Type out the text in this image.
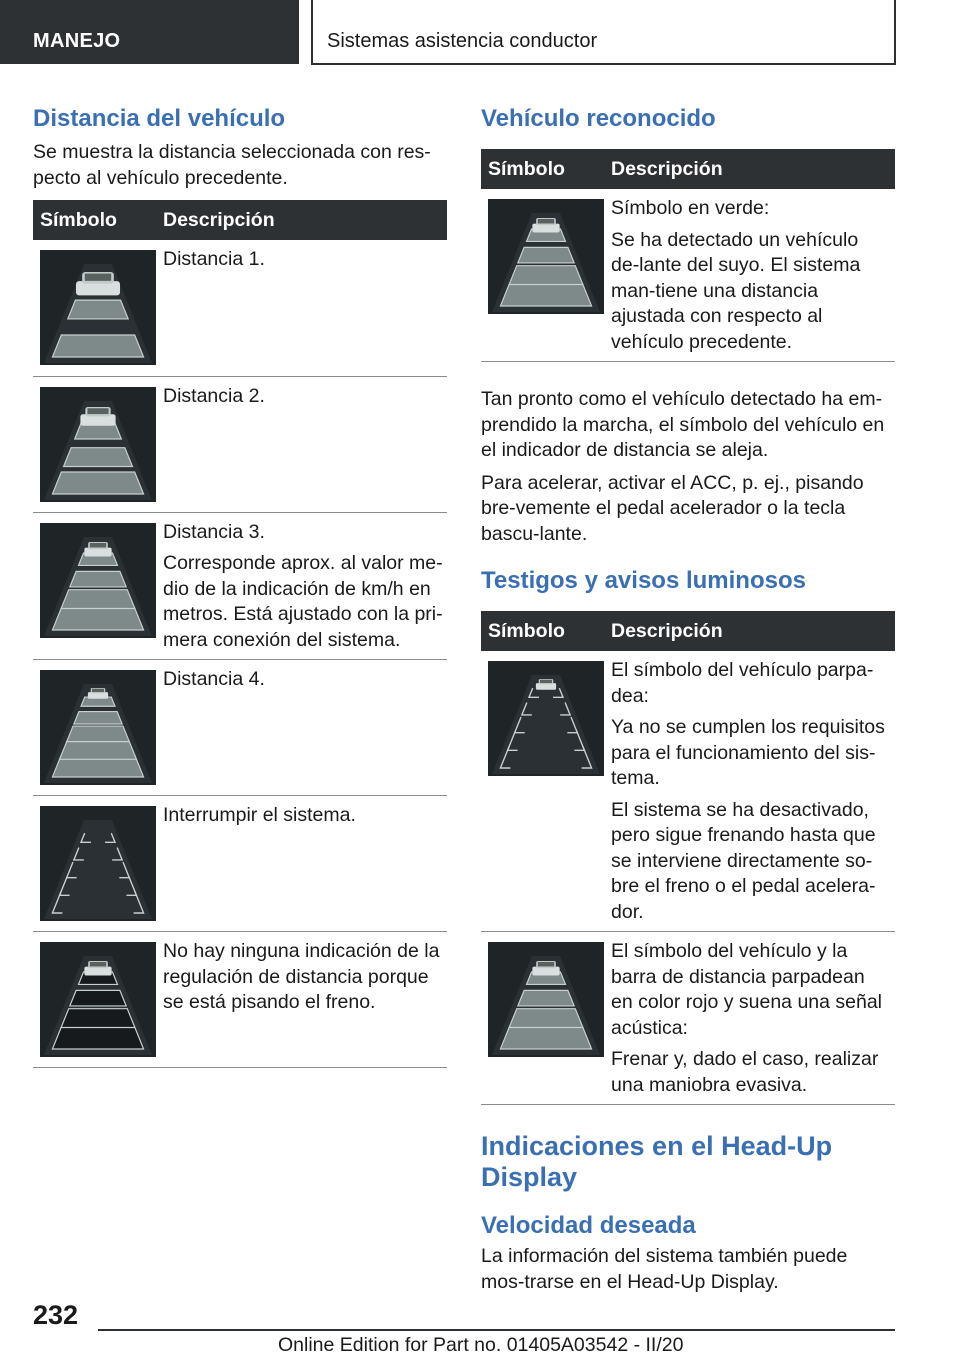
MANEJO	Sistemas asistencia conductor
Distancia del vehículo

Se muestra la distancia seleccionada con res-pecto al vehículo precedente.

Símbolo	Descripción

Distancia 1.

Distancia 2.

Distancia 3.
Corresponde aprox. al valor me-dio de la indicación de km/h en metros. Está ajustado con la pri-mera conexión del sistema.

Distancia 4.

Interrumpir el sistema.

No hay ninguna indicación de la regulación de distancia porque se está pisando el freno.
Vehículo reconocido
Símbolo	Descripción

Símbolo en verde:
Se ha detectado un vehículo de-lante del suyo. El sistema man-tiene una distancia ajustada con respecto al vehículo precedente.

Tan pronto como el vehículo detectado ha em-prendido la marcha, el símbolo del vehículo en el indicador de distancia se aleja.

Para acelerar, activar el ACC, p. ej., pisando bre-vemente el pedal acelerador o la tecla bascu-lante.

Testigos y avisos luminosos
Símbolo	Descripción

El símbolo del vehículo parpa-dea:
Ya no se cumplen los requisitos para el funcionamiento del sis-tema.
El sistema se ha desactivado, pero sigue frenando hasta que se interviene directamente so-bre el freno o el pedal acelera-dor.

El símbolo del vehículo y la barra de distancia parpadean en color rojo y suena una señal acústica:
Frenar y, dado el caso, realizar una maniobra evasiva.
Indicaciones en el Head-Up Display
Velocidad deseada

La información del sistema también puede mos-trarse en el Head-Up Display.

232
Online Edition for Part no. 01405A03542 - II/20
